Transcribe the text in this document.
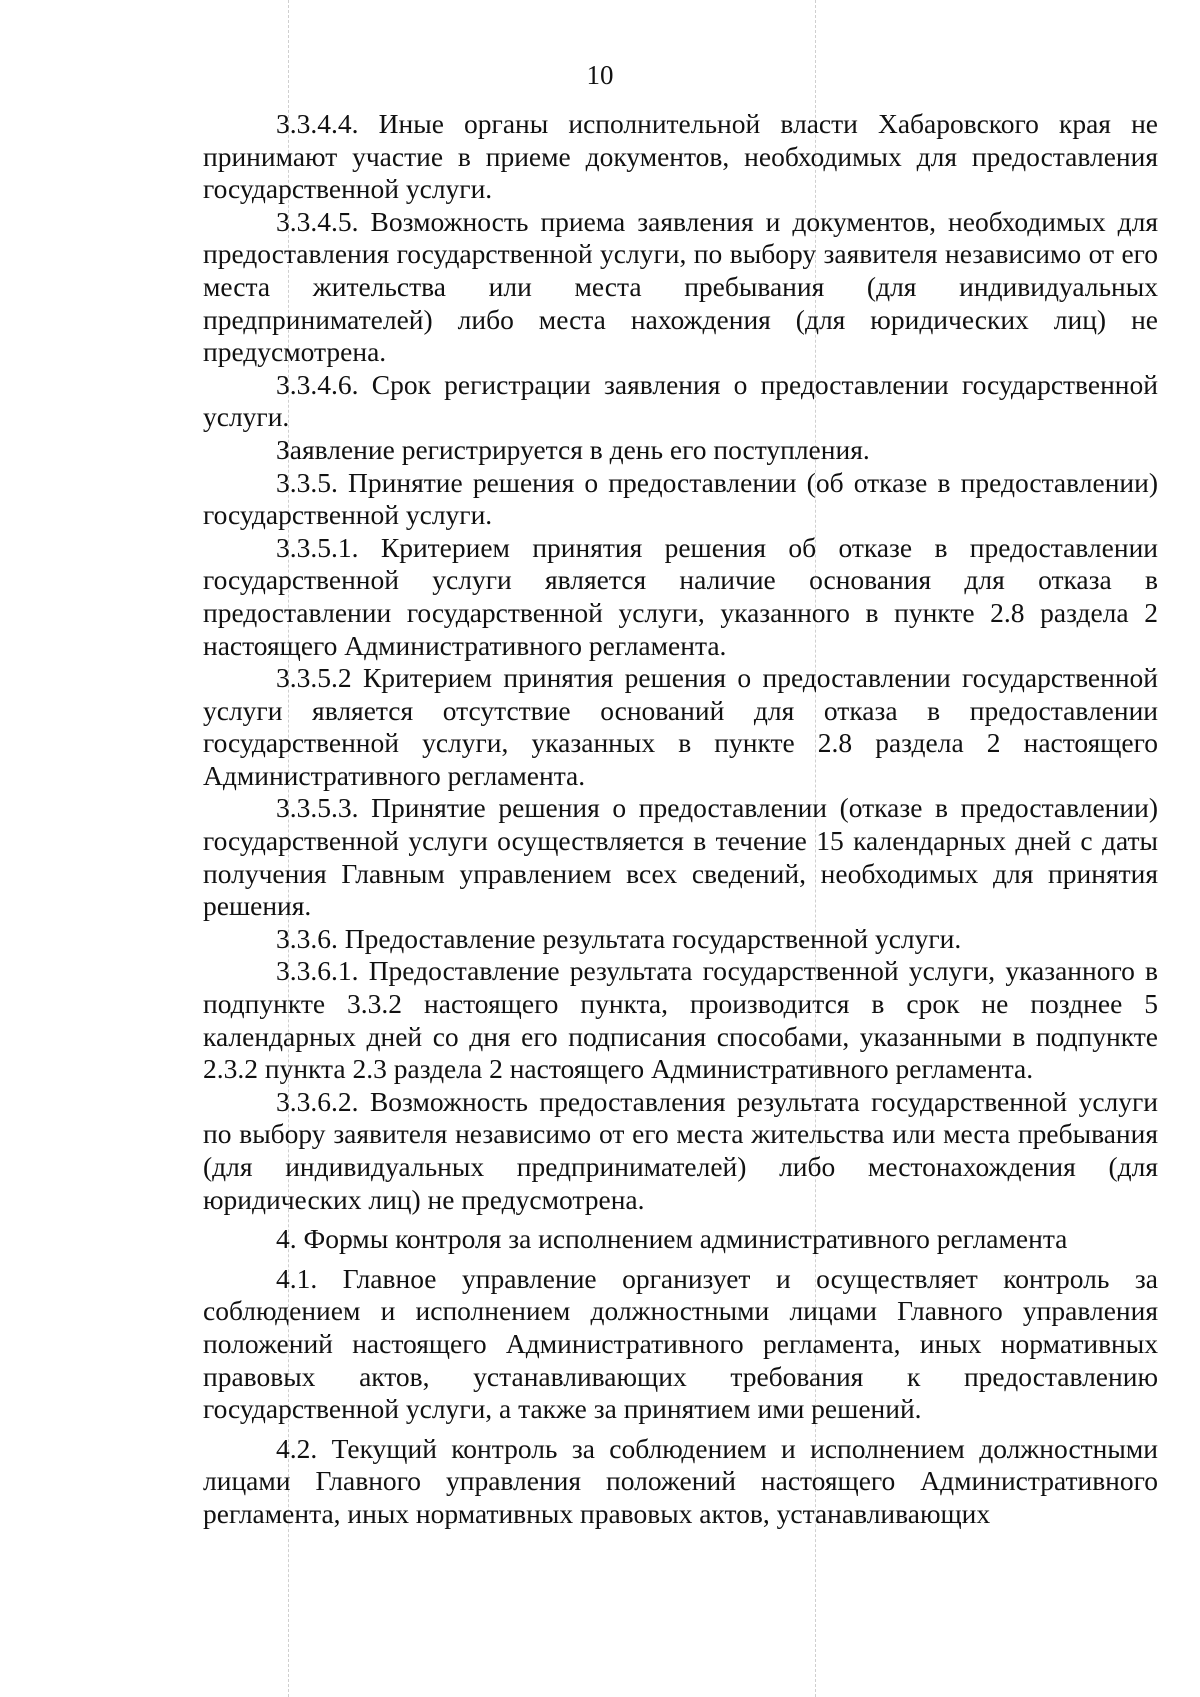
10

3.3.4.4. Иные органы исполнительной власти Хабаровского края не принимают участие в приеме документов, необходимых для предоставления государственной услуги.

3.3.4.5. Возможность приема заявления и документов, необходимых для предоставления государственной услуги, по выбору заявителя независимо от его места жительства или места пребывания (для индивидуальных предпринимателей) либо места нахождения (для юридических лиц) не предусмотрена.

3.3.4.6. Срок регистрации заявления о предоставлении государственной услуги.

Заявление регистрируется в день его поступления.

3.3.5. Принятие решения о предоставлении (об отказе в предоставлении) государственной услуги.

3.3.5.1. Критерием принятия решения об отказе в предоставлении государственной услуги является наличие основания для отказа в предоставлении государственной услуги, указанного в пункте 2.8 раздела 2 настоящего Административного регламента.

3.3.5.2 Критерием принятия решения о предоставлении государственной услуги является отсутствие оснований для отказа в предоставлении государственной услуги, указанных в пункте 2.8 раздела 2 настоящего Административного регламента.

3.3.5.3. Принятие решения о предоставлении (отказе в предоставлении) государственной услуги осуществляется в течение 15 календарных дней с даты получения Главным управлением всех сведений, необходимых для принятия решения.

3.3.6. Предоставление результата государственной услуги.

3.3.6.1. Предоставление результата государственной услуги, указанного в подпункте 3.3.2 настоящего пункта, производится в срок не позднее 5 календарных дней со дня его подписания способами, указанными в подпункте 2.3.2 пункта 2.3 раздела 2 настоящего Административного регламента.

3.3.6.2. Возможность предоставления результата государственной услуги по выбору заявителя независимо от его места жительства или места пребывания (для индивидуальных предпринимателей) либо местонахождения (для юридических лиц) не предусмотрена.

4. Формы контроля за исполнением административного регламента

4.1. Главное управление организует и осуществляет контроль за соблюдением и исполнением должностными лицами Главного управления положений настоящего Административного регламента, иных нормативных правовых актов, устанавливающих требования к предоставлению государственной услуги, а также за принятием ими решений.

4.2. Текущий контроль за соблюдением и исполнением должностными лицами Главного управления положений настоящего Административного регламента, иных нормативных правовых актов, устанавливающих
